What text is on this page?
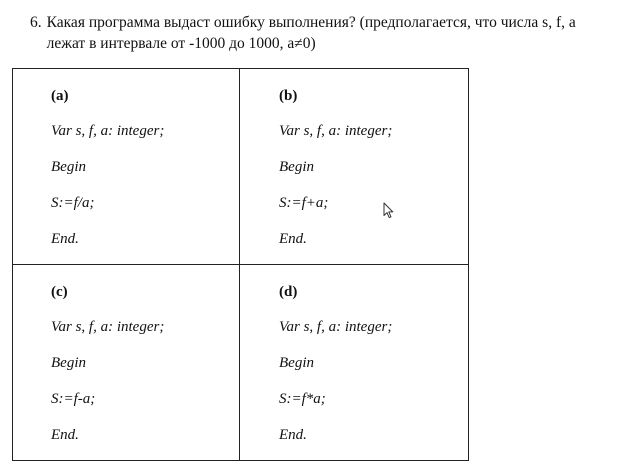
6. Какая программа выдаст ошибку выполнения? (предполагается, что числа s, f, a лежат в интервале от -1000 до 1000, a≠0)
(a)
Var s, f, a: integer;
Begin
S:=f/a;
End.
(b)
Var s, f, a: integer;
Begin
S:=f+a;
End.
(c)
Var s, f, a: integer;
Begin
S:=f-a;
End.
(d)
Var s, f, a: integer;
Begin
S:=f*a;
End.
